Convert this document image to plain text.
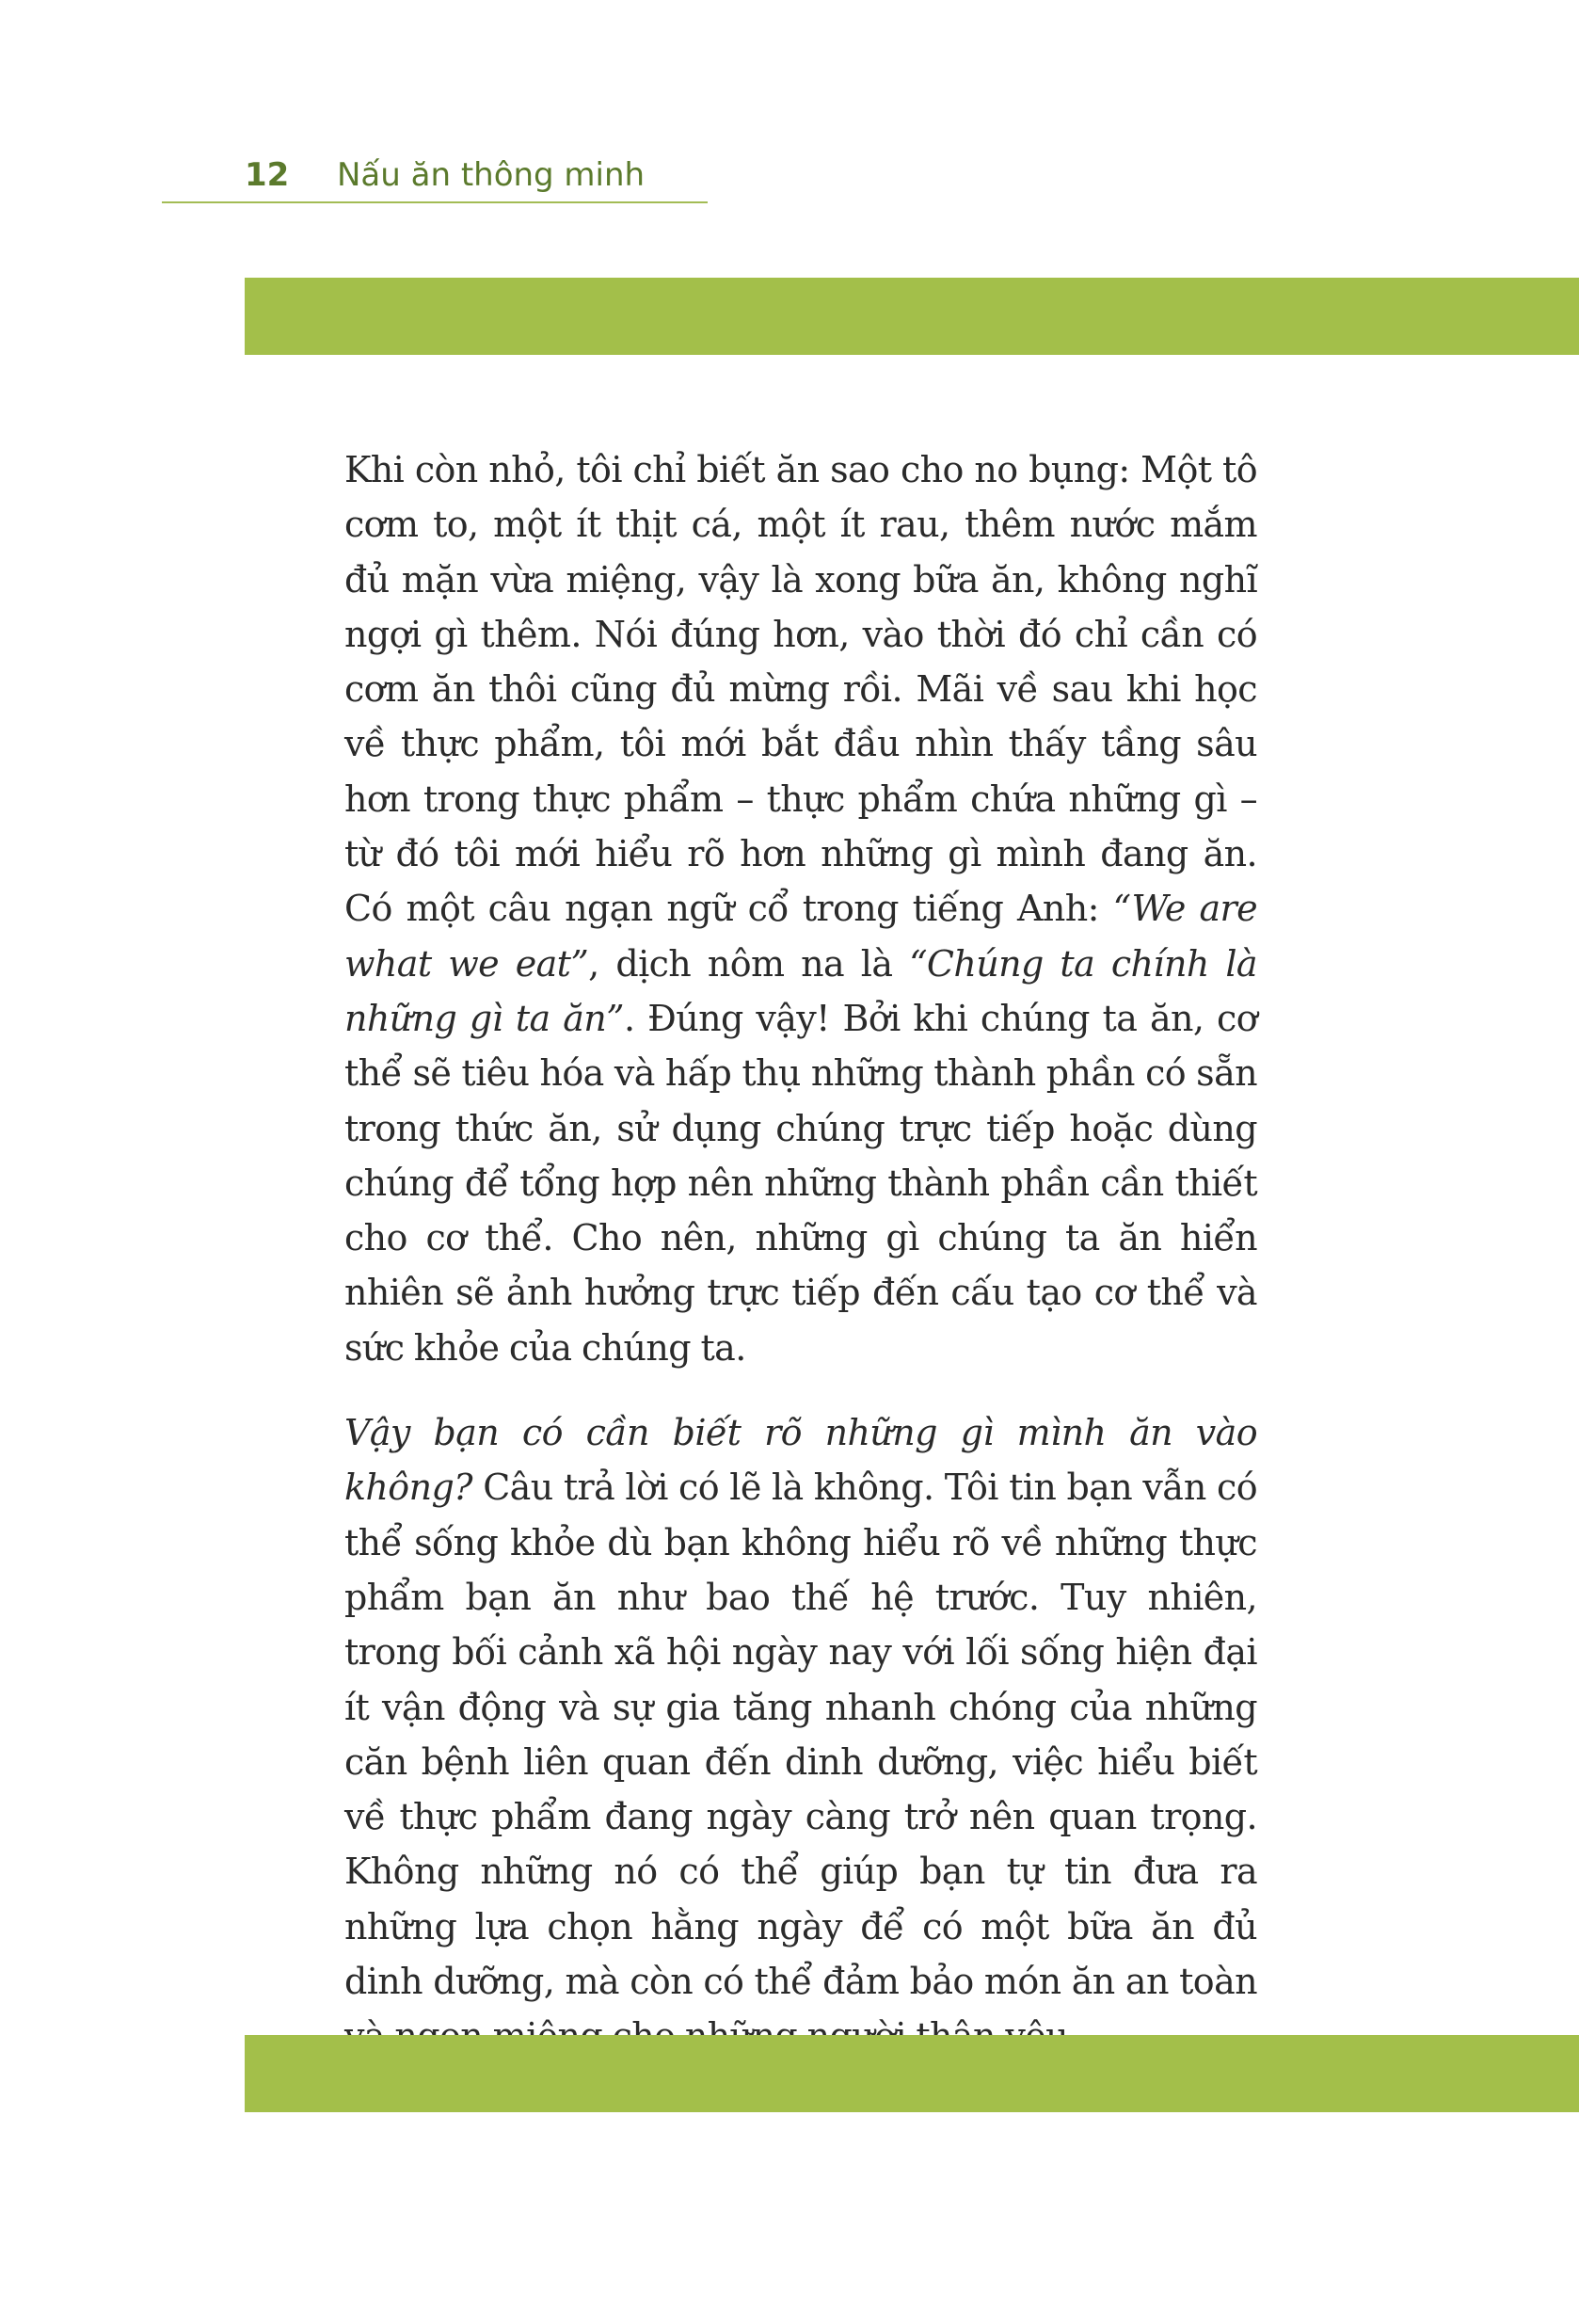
12 Nấu ăn thông minh

Khi còn nhỏ, tôi chỉ biết ăn sao cho no bụng: Một tô cơm to, một ít thịt cá, một ít rau, thêm nước mắm đủ mặn vừa miệng, vậy là xong bữa ăn, không nghĩ ngợi gì thêm. Nói đúng hơn, vào thời đó chỉ cần có cơm ăn thôi cũng đủ mừng rồi. Mãi về sau khi học về thực phẩm, tôi mới bắt đầu nhìn thấy tầng sâu hơn trong thực phẩm – thực phẩm chứa những gì – từ đó tôi mới hiểu rõ hơn những gì mình đang ăn. Có một câu ngạn ngữ cổ trong tiếng Anh: “We are what we eat”, dịch nôm na là “Chúng ta chính là những gì ta ăn”. Đúng vậy! Bởi khi chúng ta ăn, cơ thể sẽ tiêu hóa và hấp thụ những thành phần có sẵn trong thức ăn, sử dụng chúng trực tiếp hoặc dùng chúng để tổng hợp nên những thành phần cần thiết cho cơ thể. Cho nên, những gì chúng ta ăn hiển nhiên sẽ ảnh hưởng trực tiếp đến cấu tạo cơ thể và sức khỏe của chúng ta.

Vậy bạn có cần biết rõ những gì mình ăn vào không? Câu trả lời có lẽ là không. Tôi tin bạn vẫn có thể sống khỏe dù bạn không hiểu rõ về những thực phẩm bạn ăn như bao thế hệ trước. Tuy nhiên, trong bối cảnh xã hội ngày nay với lối sống hiện đại ít vận động và sự gia tăng nhanh chóng của những căn bệnh liên quan đến dinh dưỡng, việc hiểu biết về thực phẩm đang ngày càng trở nên quan trọng. Không những nó có thể giúp bạn tự tin đưa ra những lựa chọn hằng ngày để có một bữa ăn đủ dinh dưỡng, mà còn có thể đảm bảo món ăn an toàn
